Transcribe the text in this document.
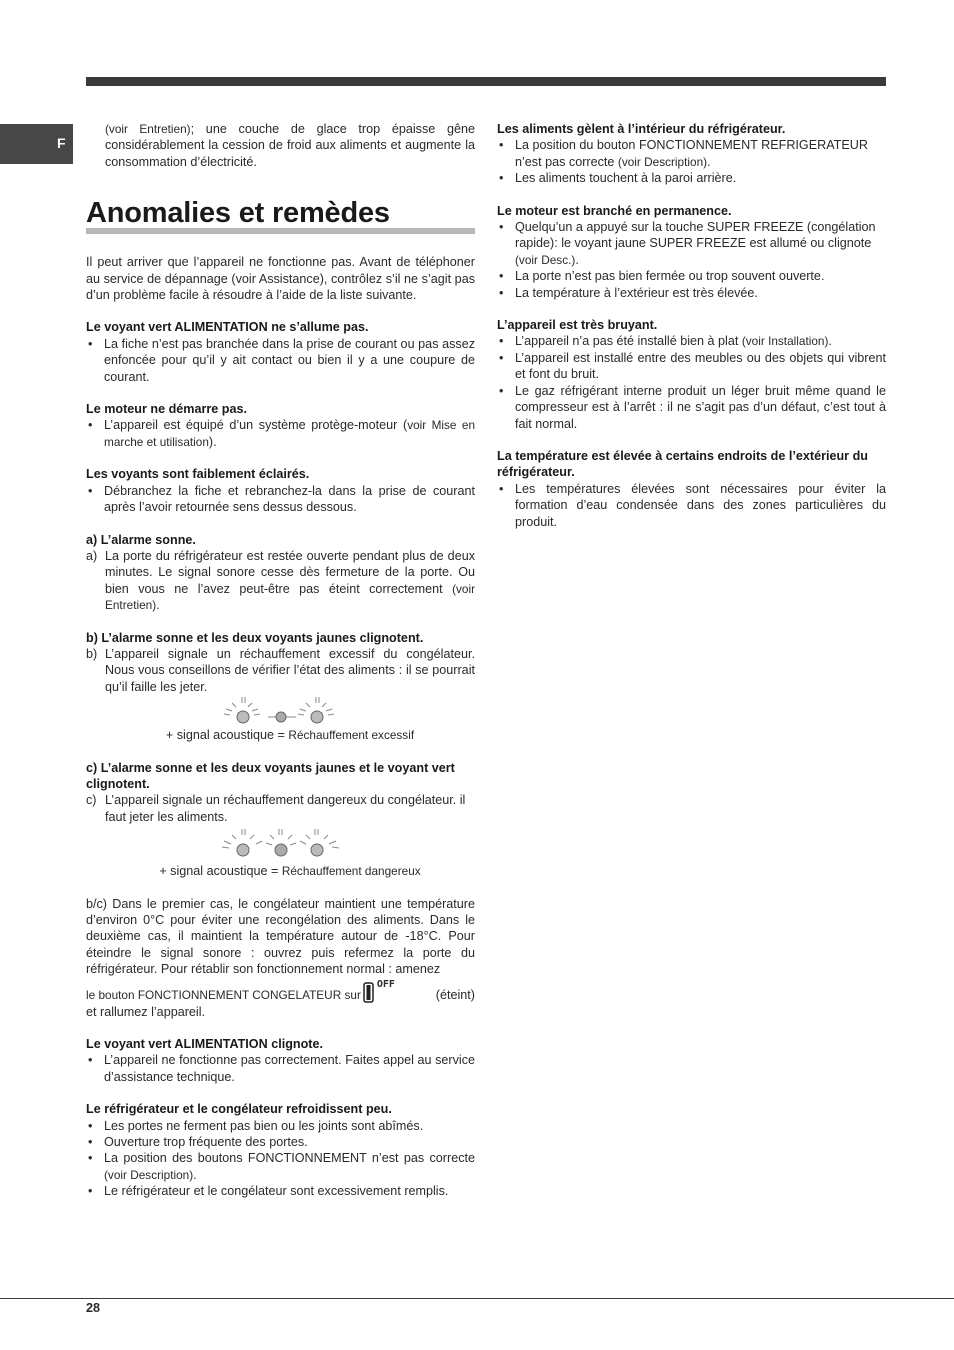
F
(voir Entretien); une couche de glace trop épaisse gêne considérablement la cession de froid aux aliments et augmente la consommation d’électricité.
Anomalies et remèdes

Il peut arriver que l’appareil ne fonctionne pas. Avant de téléphoner au service de dépannage (voir Assistance), contrôlez s’il ne s’agit pas d’un problème facile à résoudre à l’aide de la liste suivante.

Le voyant vert ALIMENTATION ne s’allume pas.
• La fiche n’est pas branchée dans la prise de courant ou pas assez enfoncée pour qu’il y ait contact ou bien il y a une coupure de courant.
Le moteur ne démarre pas.
• L’appareil est équipé d’un système protège-moteur (voir Mise en marche et utilisation).
Les voyants sont faiblement éclairés.
• Débranchez la fiche et rebranchez-la dans la prise de courant après l’avoir retournée sens dessus dessous.
a) L’alarme sonne.
a) La porte du réfrigérateur est restée ouverte pendant plus de deux minutes. Le signal sonore cesse dès fermeture de la porte. Ou bien vous ne l’avez peut-être pas éteint correctement (voir Entretien).
b) L’alarme sonne et les deux voyants jaunes clignotent.
b) L’appareil signale un réchauffement excessif du congélateur. Nous vous conseillons de vérifier l’état des aliments : il se pourrait qu’il faille les jeter.
+ signal acoustique = Réchauffement excessif
c) L’alarme sonne et les deux voyants jaunes et le voyant vert clignotent.
c) L’appareil signale un réchauffement dangereux du congélateur. il faut jeter les aliments.
+ signal acoustique = Réchauffement dangereux

b/c) Dans le premier cas, le congélateur maintient une température d’environ 0°C pour éviter une recongélation des aliments. Dans le deuxième cas, il maintient la température autour de -18°C. Pour éteindre le signal sonore : ouvrez puis refermez la porte du réfrigérateur. Pour rétablir son fonctionnement normal : amenez

le bouton FONCTIONNEMENT CONGELATEUR sur
OFF
(éteint)

et rallumez l’appareil.

Le voyant vert ALIMENTATION clignote.
• L’appareil ne fonctionne pas correctement. Faites appel au service d’assistance technique.
Le réfrigérateur et le congélateur refroidissent peu.
• Les portes ne ferment pas bien ou les joints sont abîmés.
• Ouverture trop fréquente des portes.
• La position des boutons FONCTIONNEMENT n’est pas correcte (voir Description).
• Le réfrigérateur et le congélateur sont excessivement remplis.
Les aliments gèlent à l’intérieur du réfrigérateur.
• La position du bouton FONCTIONNEMENT REFRIGERATEUR n’est pas correcte (voir Description).
• Les aliments touchent à la paroi arrière.
Le moteur est branché en permanence.
• Quelqu’un a appuyé sur la touche SUPER FREEZE (congélation rapide): le voyant jaune SUPER FREEZE est allumé ou clignote (voir Desc.).
• La porte n’est pas bien fermée ou trop souvent ouverte.
• La température à l’extérieur est très élevée.
L’appareil est très bruyant.
• L’appareil n’a pas été installé bien à plat (voir Installation).
• L’appareil est installé entre des meubles ou des objets qui vibrent et font du bruit.
• Le gaz réfrigérant interne produit un léger bruit même quand le compresseur est à l’arrêt : il ne s’agit pas d’un défaut, c’est tout à fait normal.
La température est élevée à certains endroits de l’extérieur du réfrigérateur.
• Les températures élevées sont nécessaires pour éviter la formation d’eau condensée dans des zones particulières du produit.
28
